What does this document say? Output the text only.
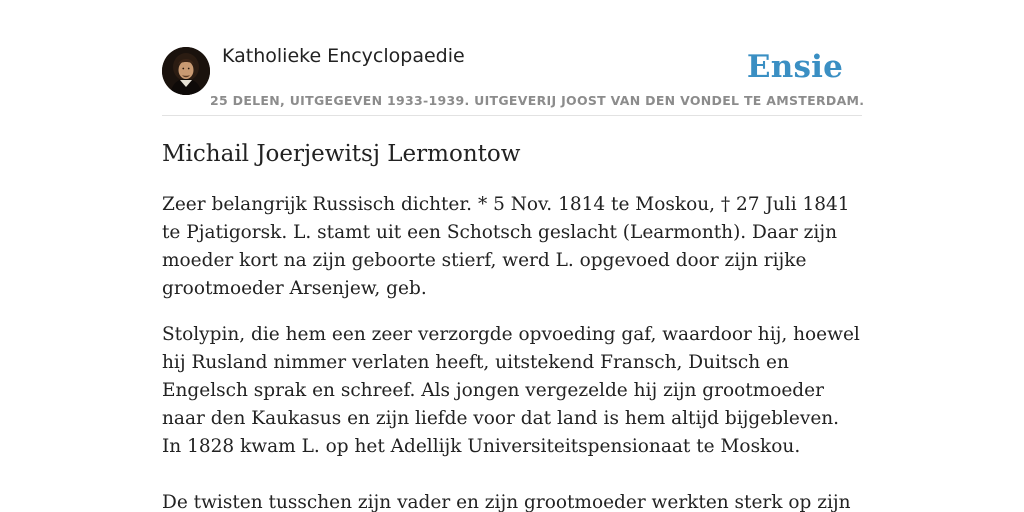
Katholieke Encyclopaedie	Ensie
25 DELEN, UITGEGEVEN 1933-1939. UITGEVERIJ JOOST VAN DEN VONDEL TE AMSTERDAM.
Michail Joerjewitsj Lermontow

Zeer belangrijk Russisch dichter. * 5 Nov. 1814 te Moskou, † 27 Juli 1841 te Pjatigorsk. L. stamt uit een Schotsch geslacht (Learmonth). Daar zijn moeder kort na zijn geboorte stierf, werd L. opgevoed door zijn rijke grootmoeder Arsenjew, geb.

Stolypin, die hem een zeer verzorgde opvoeding gaf, waardoor hij, hoewel hij Rusland nimmer verlaten heeft, uitstekend Fransch, Duitsch en Engelsch sprak en schreef. Als jongen vergezelde hij zijn grootmoeder naar den Kaukasus en zijn liefde voor dat land is hem altijd bijgebleven. In 1828 kwam L. op het Adellijk Universiteitspensionaat te Moskou.

De twisten tusschen zijn vader en zijn grootmoeder werkten sterk op zijn
